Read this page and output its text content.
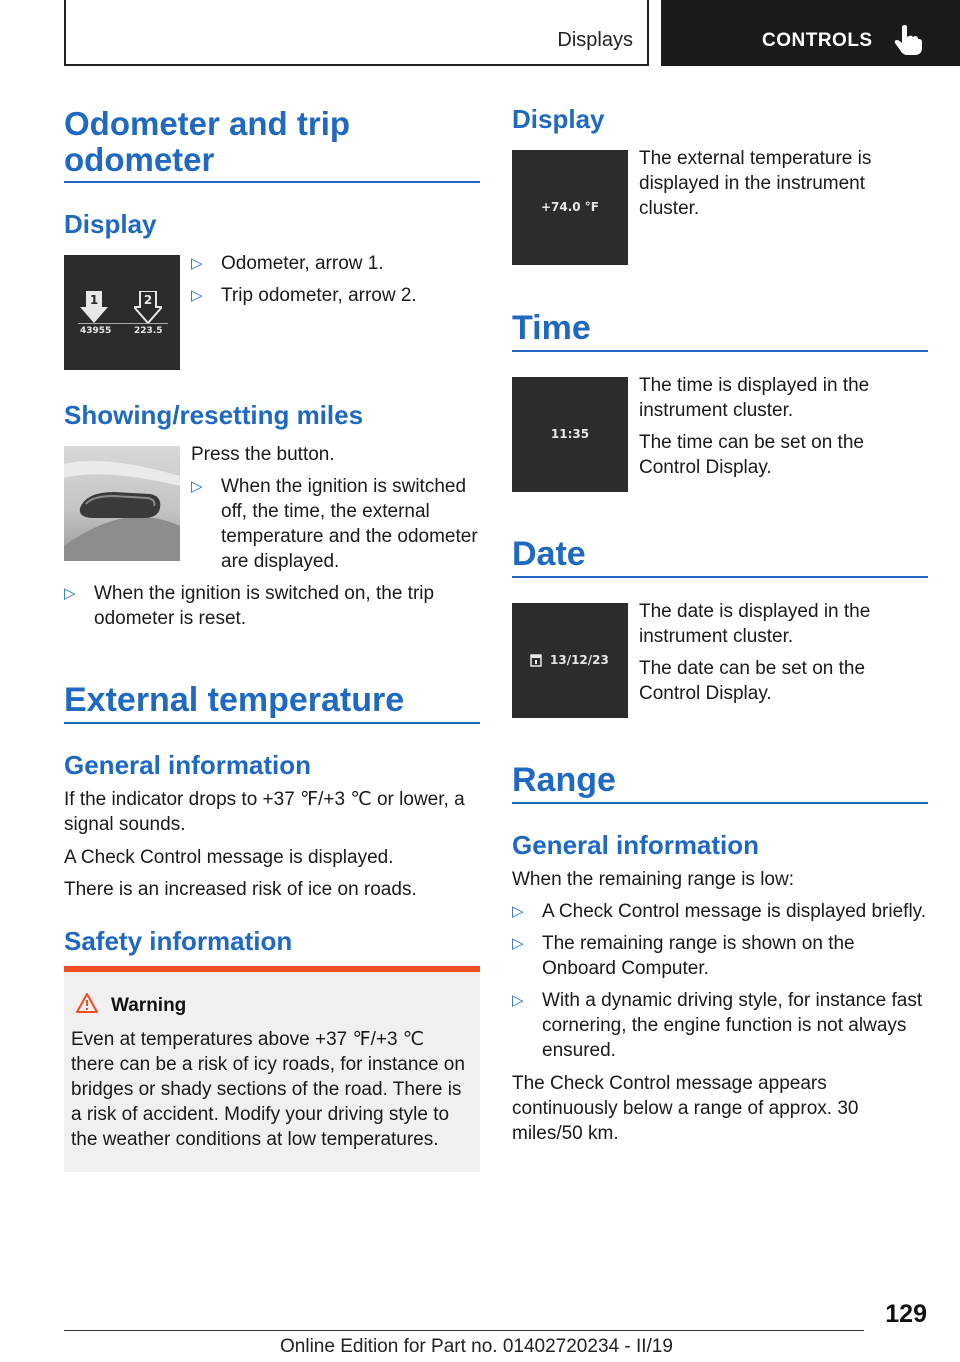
Displays	CONTROLS
Odometer and trip odometer
Display
1	2
43955	223.5
▷ Odometer, arrow 1.
▷ Trip odometer, arrow 2.
Showing/resetting miles
Press the button.
▷ When the ignition is switched off, the time, the external temperature and the odometer are displayed.
▷ When the ignition is switched on, the trip odometer is reset.
External temperature
General information
If the indicator drops to +37 ℉/+3 ℃ or lower, a signal sounds.
A Check Control message is displayed.
There is an increased risk of ice on roads.
Safety information
Warning
Even at temperatures above +37 ℉/+3 ℃ there can be a risk of icy roads, for instance on bridges or shady sections of the road. There is a risk of accident. Modify your driving style to the weather conditions at low temperatures.
Display
+74.0 °F
The external temperature is displayed in the instrument cluster.
Time
11:35
The time is displayed in the instrument cluster.
The time can be set on the Control Display.
Date
13/12/23
The date is displayed in the instrument cluster.
The date can be set on the Control Display.
Range
General information
When the remaining range is low:
▷ A Check Control message is displayed briefly.
▷ The remaining range is shown on the Onboard Computer.
▷ With a dynamic driving style, for instance fast cornering, the engine function is not always ensured.
The Check Control message appears continuously below a range of approx. 30 miles/50 km.
129
Online Edition for Part no. 01402720234 - II/19
